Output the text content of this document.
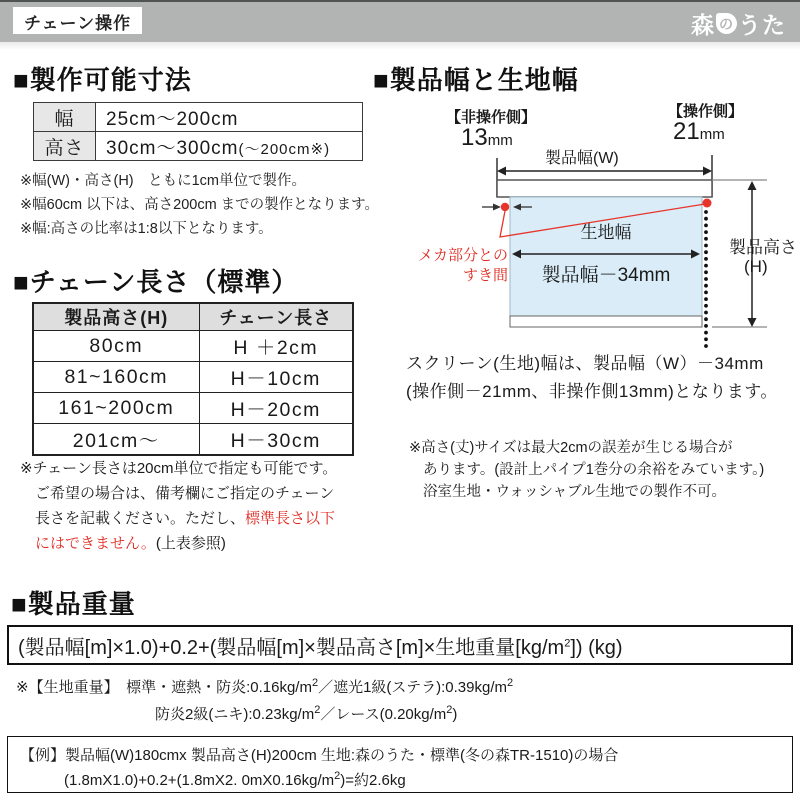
チェーン操作	森 の うた
■製作可能寸法
幅	25cm～200cm
高さ	30cm～300cm(～200cm※)
※幅(W)・高さ(H)　ともに1cm単位で製作。
※幅60cm 以下は、高さ200cm までの製作となります。
※幅:高さの比率は1:8以下となります。
■チェーン長さ（標準）
製品高さ(H)	チェーン長さ
80cm	H ＋2cm
81~160cm	H－10cm
161~200cm	H－20cm
201cm～	H－30cm
※チェーン長さは20cm単位で指定も可能です。
ご希望の場合は、備考欄にご指定のチェーン
長さを記載ください。ただし、標準長さ以下
にはできません。(上表参照)
■製品幅と生地幅
【非操作側】
13mm
【操作側】
21mm
製品幅(W)
生地幅
製品幅－34mm
製品高さ
(H)
メカ部分との
すき間
スクリーン(生地)幅は、製品幅（W）－34mm
(操作側－21mm、非操作側13mm)となります。
※高さ(丈)サイズは最大2cmの誤差が生じる場合が
あります。(設計上パイプ1巻分の余裕をみています。)
浴室生地・ウォッシャブル生地での製作不可。
■製品重量
(製品幅[m]×1.0)+0.2+(製品幅[m]×製品高さ[m]×生地重量$[kg/m^2]$) (kg)
※【生地重量】　標準・遮熱・防炎$:0.16kg/m^2/$遮光1級(ステラ)$:0.39kg/m^2$
防炎2級(ニキ)$:0.23kg/m^2/$レース$(0.20kg/m^2)$
【例】製品幅(W)180cmx 製品高さ(H)200cm 生地:森のうた・標準(冬の森TR-1510)の場合
(1.8mX1.0)+0.2+(1.8mX2. $0mX0.16kg/m^2)=$約2.6kg
